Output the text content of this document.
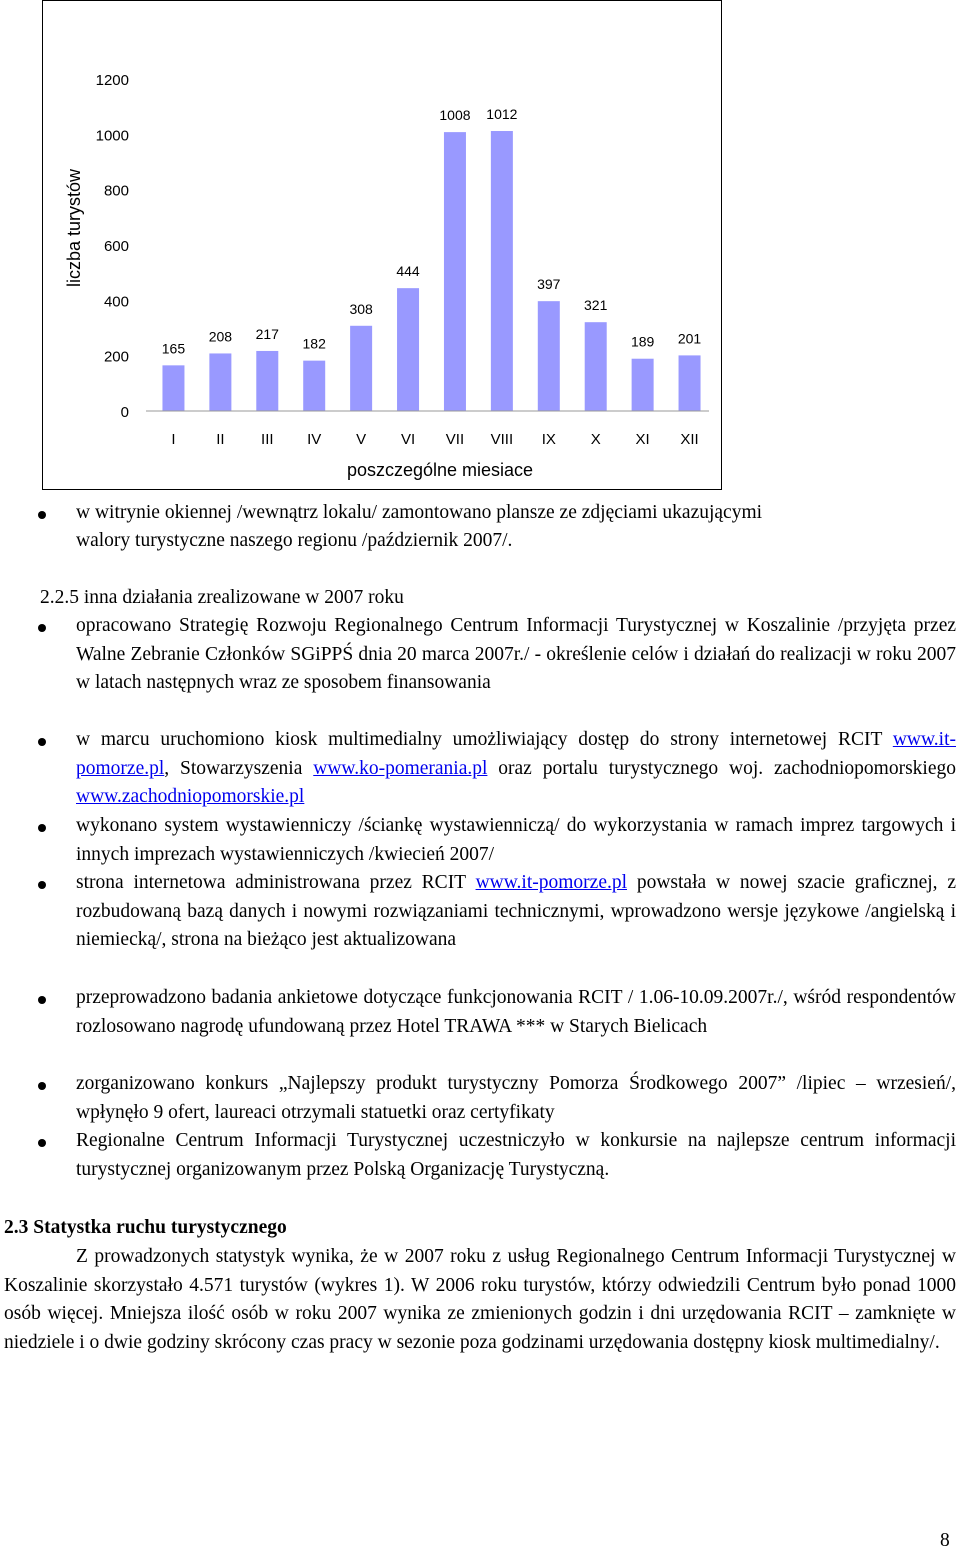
0
200
400
600
800
1000
1200
liczba turystów
poszczególne miesiace
165
I
208
II
217
III
182
IV
308
V
444
VI
1008
VII
1012
VIII
397
IX
321
X
189
XI
201
XII
w witrynie okiennej /wewnątrz lokalu/ zamontowano plansze ze zdjęciami ukazującymi
walory turystyczne naszego regionu /październik 2007/.
2.2.5 inna działania zrealizowane w 2007 roku

opracowano Strategię Rozwoju Regionalnego Centrum Informacji Turystycznej w Koszalinie /przyjęta przez Walne Zebranie Członków SGiPPŚ dnia 20 marca 2007r./ - określenie celów i działań do realizacji w roku 2007 w latach następnych wraz ze sposobem finansowania

w marcu uruchomiono kiosk multimedialny umożliwiający dostęp do strony internetowej RCIT www.it-pomorze.pl, Stowarzyszenia www.ko-pomerania.pl oraz portalu turystycznego woj. zachodniopomorskiego www.zachodniopomorskie.pl

wykonano system wystawienniczy /ściankę wystawienniczą/ do wykorzystania w ramach imprez targowych i innych imprezach wystawienniczych /kwiecień 2007/

strona internetowa administrowana przez RCIT www.it-pomorze.pl powstała w nowej szacie graficznej, z rozbudowaną bazą danych i nowymi rozwiązaniami technicznymi, wprowadzono wersje językowe /angielską i niemiecką/, strona na bieżąco jest aktualizowana

przeprowadzono badania ankietowe dotyczące funkcjonowania RCIT / 1.06-10.09.2007r./, wśród respondentów rozlosowano nagrodę ufundowaną przez Hotel TRAWA *** w Starych Bielicach

zorganizowano konkurs „Najlepszy produkt turystyczny Pomorza Środkowego 2007” /lipiec – wrzesień/, wpłynęło 9 ofert, laureaci otrzymali statuetki oraz certyfikaty

Regionalne Centrum Informacji Turystycznej uczestniczyło w konkursie na najlepsze centrum informacji turystycznej organizowanym przez Polską Organizację Turystyczną.

2.3 Statystka ruchu turystycznego

Z prowadzonych statystyk wynika, że w 2007 roku z usług Regionalnego Centrum Informacji Turystycznej w Koszalinie skorzystało 4.571 turystów (wykres 1). W 2006 roku turystów, którzy odwiedzili Centrum było ponad 1000 osób więcej. Mniejsza ilość osób w roku 2007 wynika ze zmienionych godzin i dni urzędowania RCIT – zamknięte w niedziele i o dwie godziny skrócony czas pracy w sezonie poza godzinami urzędowania dostępny kiosk multimedialny/.

8
